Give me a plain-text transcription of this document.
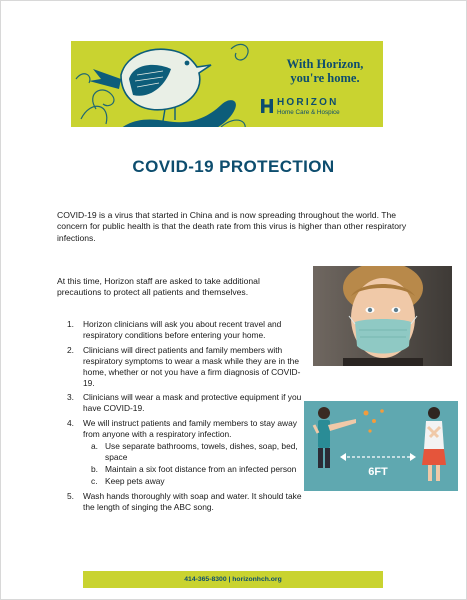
With Horizon,
you're home.
HORIZON
Home Care & Hospice
COVID-19 PROTECTION
COVID-19 is a virus that started in China and is now spreading throughout the world. The concern for public health is that the death rate from this virus is higher than other respiratory infections.
At this time, Horizon staff are asked to take additional precautions to protect all patients and themselves.
1. Horizon clinicians will ask you about recent travel and respiratory conditions before entering your home.
2. Clinicians will direct patients and family members with respiratory symptoms to wear a mask while they are in the home, whether or not you have a firm diagnosis of COVID-19.
3. Clinicians will wear a mask and protective equipment if you have COVID-19.
4. We will instruct patients and family members to stay away from anyone with a respiratory infection.
a. Use separate bathrooms, towels, dishes, soap, bed, space
b. Maintain a six foot distance from an infected person
c. Keep pets away
5. Wash hands thoroughly with soap and water. It should take the length of singing the ABC song.
6FT
414-365-8300 | horizonhch.org
